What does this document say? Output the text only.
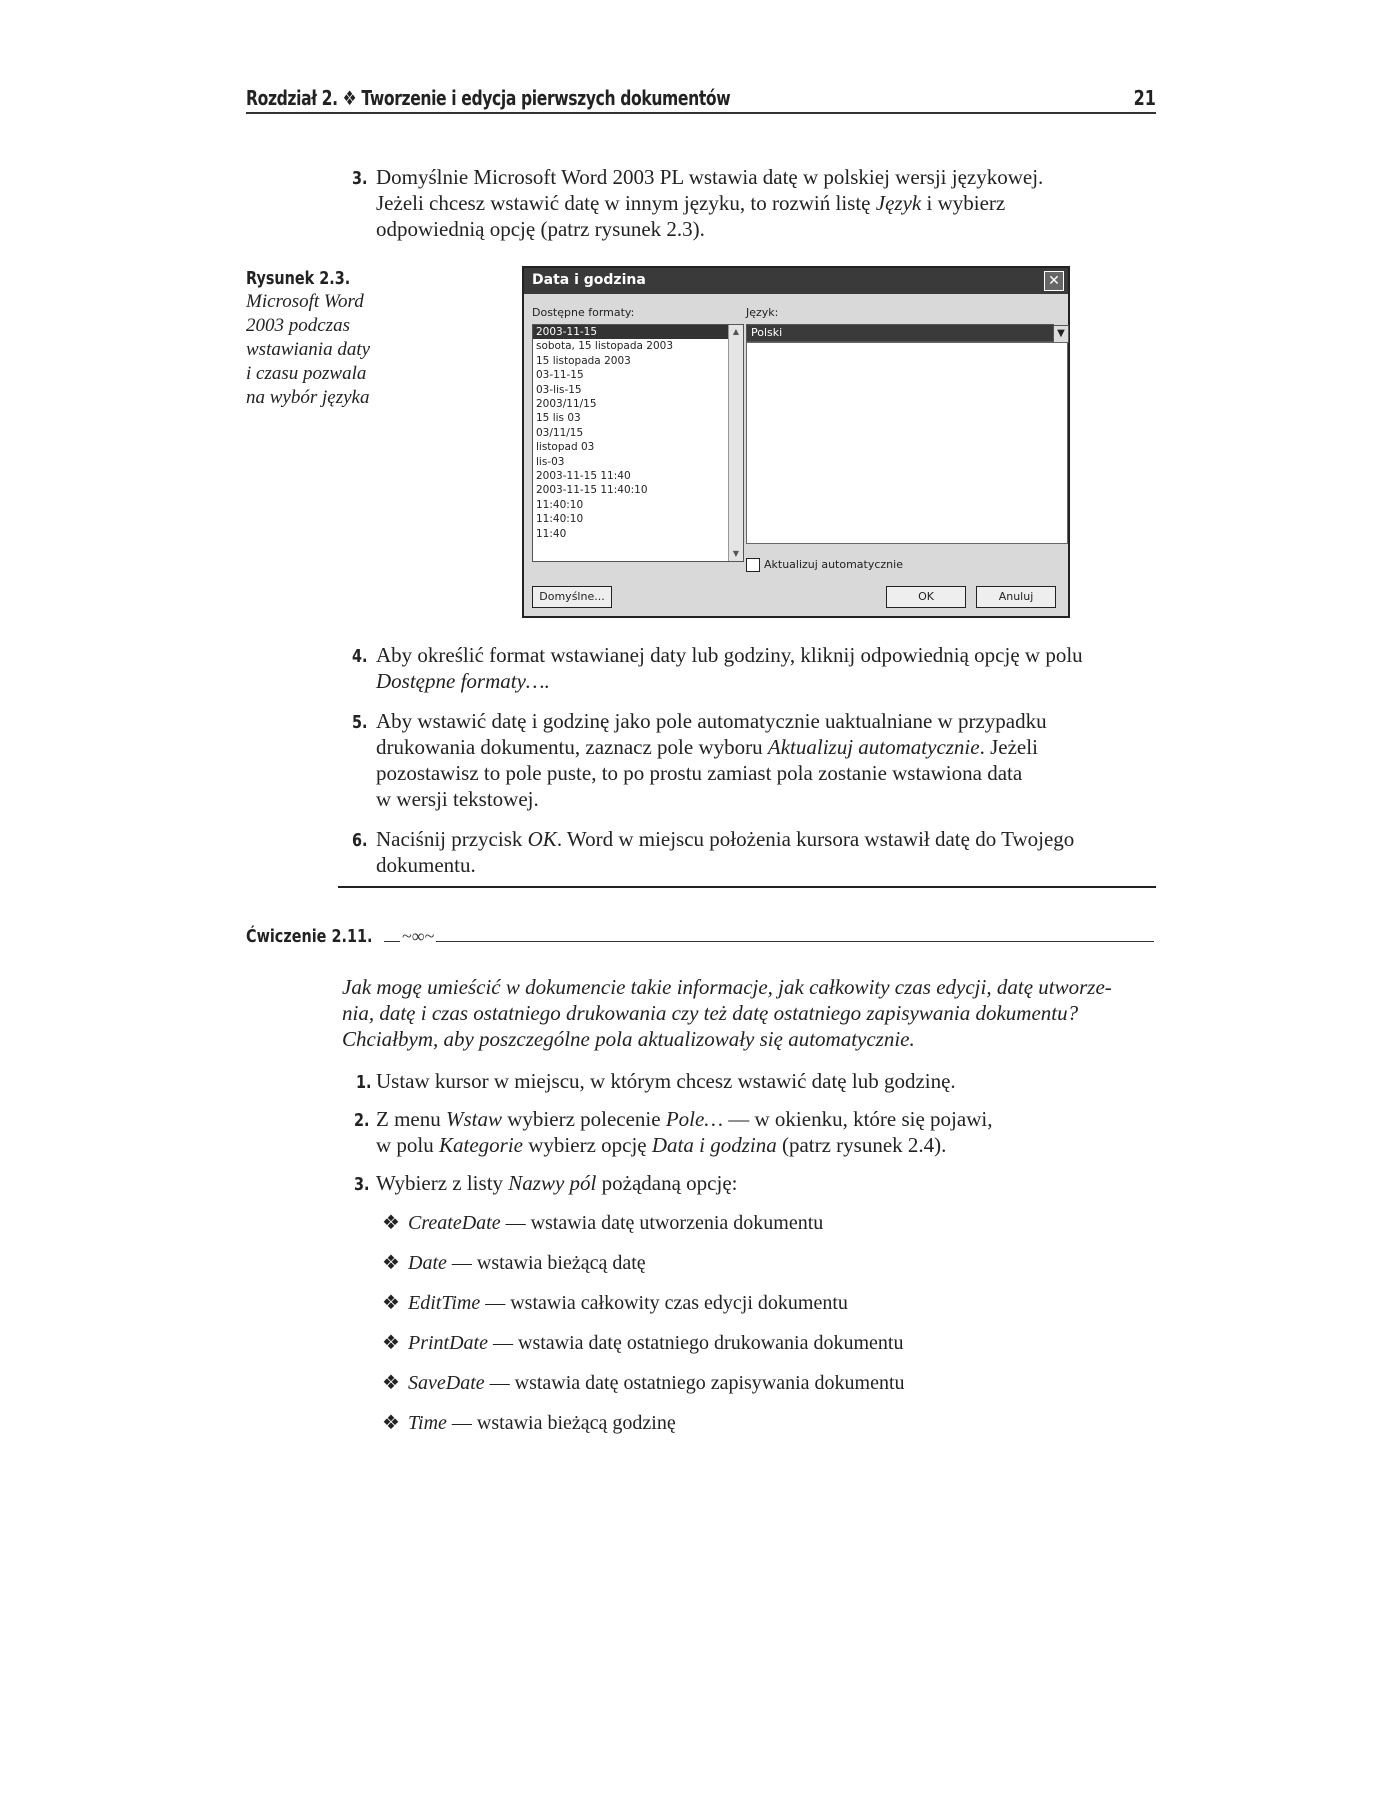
Rozdział 2. ❖ Tworzenie i edycja pierwszych dokumentów	21
3. Domyślnie Microsoft Word 2003 PL wstawia datę w polskiej wersji językowej.
Jeżeli chcesz wstawić datę w innym języku, to rozwiń listę Język i wybierz
odpowiednią opcję (patrz rysunek 2.3).
Rysunek 2.3.
Microsoft Word
2003 podczas
wstawiania daty
i czasu pozwala
na wybór języka
Data i godzina	✕
Dostępne formaty:	Język:
2003-11-15
sobota, 15 listopada 2003
15 listopada 2003
03-11-15
03-lis-15
2003/11/15
15 lis 03
03/11/15
listopad 03
lis-03
2003-11-15 11:40
2003-11-15 11:40:10
11:40:10
11:40:10
11:40
▲
▼
Polski	▼
Aktualizuj automatycznie
Domyślne...	OK	Anuluj
4. Aby określić format wstawianej daty lub godziny, kliknij odpowiednią opcję w polu
Dostępne formaty….
5. Aby wstawić datę i godzinę jako pole automatycznie uaktualniane w przypadku
drukowania dokumentu, zaznacz pole wyboru Aktualizuj automatycznie. Jeżeli
pozostawisz to pole puste, to po prostu zamiast pola zostanie wstawiona data
w wersji tekstowej.
6. Naciśnij przycisk OK. Word w miejscu położenia kursora wstawił datę do Twojego
dokumentu.
Ćwiczenie 2.11. ~∞~
Jak mogę umieścić w dokumencie takie informacje, jak całkowity czas edycji, datę utworze-
nia, datę i czas ostatniego drukowania czy też datę ostatniego zapisywania dokumentu?
Chciałbym, aby poszczególne pola aktualizowały się automatycznie.
1. Ustaw kursor w miejscu, w którym chcesz wstawić datę lub godzinę.
2. Z menu Wstaw wybierz polecenie Pole… — w okienku, które się pojawi,
w polu Kategorie wybierz opcję Data i godzina (patrz rysunek 2.4).
3. Wybierz z listy Nazwy pól pożądaną opcję:
❖ CreateDate — wstawia datę utworzenia dokumentu
❖ Date — wstawia bieżącą datę
❖ EditTime — wstawia całkowity czas edycji dokumentu
❖ PrintDate — wstawia datę ostatniego drukowania dokumentu
❖ SaveDate — wstawia datę ostatniego zapisywania dokumentu
❖ Time — wstawia bieżącą godzinę
